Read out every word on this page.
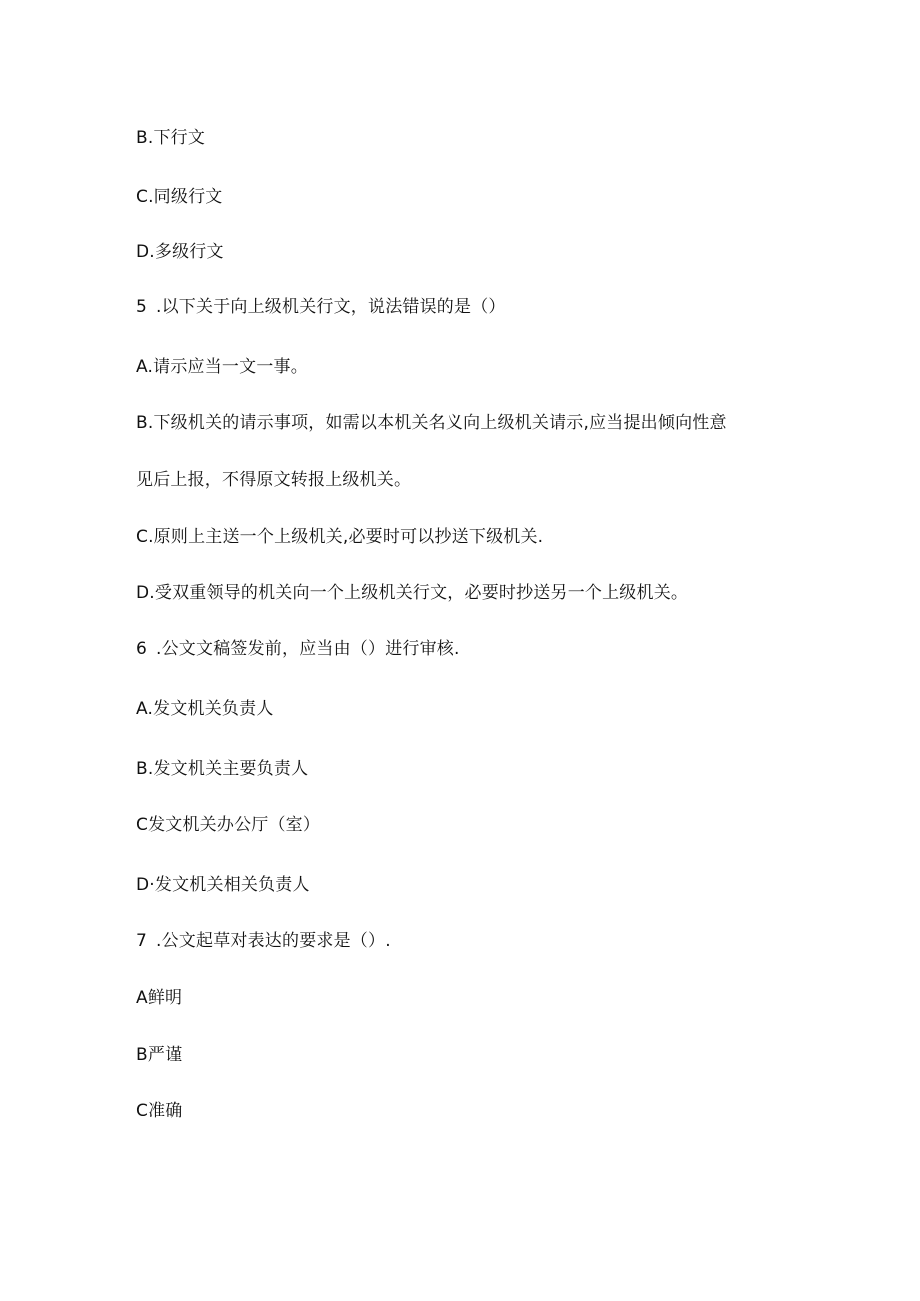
B.下行文
C.同级行文
D.多级行文
5 .以下关于向上级机关行文，说法错误的是（）
A.请示应当一文一事。
B.下级机关的请示事项，如需以本机关名义向上级机关请示,应当提出倾向性意
见后上报，不得原文转报上级机关。
C.原则上主送一个上级机关,必要时可以抄送下级机关.
D.受双重领导的机关向一个上级机关行文，必要时抄送另一个上级机关。
6 .公文文稿签发前，应当由（）进行审核.
A.发文机关负责人
B.发文机关主要负责人
C发文机关办公厅（室）
D·发文机关相关负责人
7 .公文起草对表达的要求是（）.
A鲜明
B严谨
C准确
